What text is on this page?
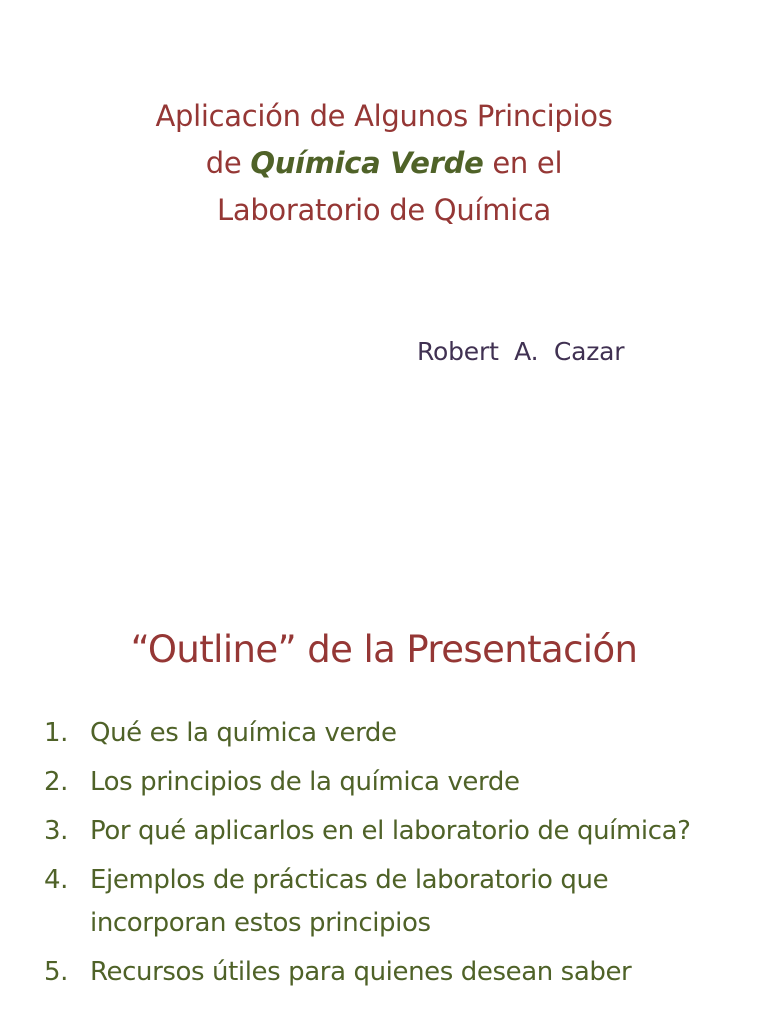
Aplicación de Algunos Principios
de Química Verde en el
Laboratorio de Química
Robert  A.  Cazar
“Outline” de la Presentación
1. Qué es la química verde
2. Los principios de la química verde
3. Por qué aplicarlos en el laboratorio de química?
4. Ejemplos de prácticas de laboratorio que incorporan estos principios
5. Recursos útiles para quienes desean saber
